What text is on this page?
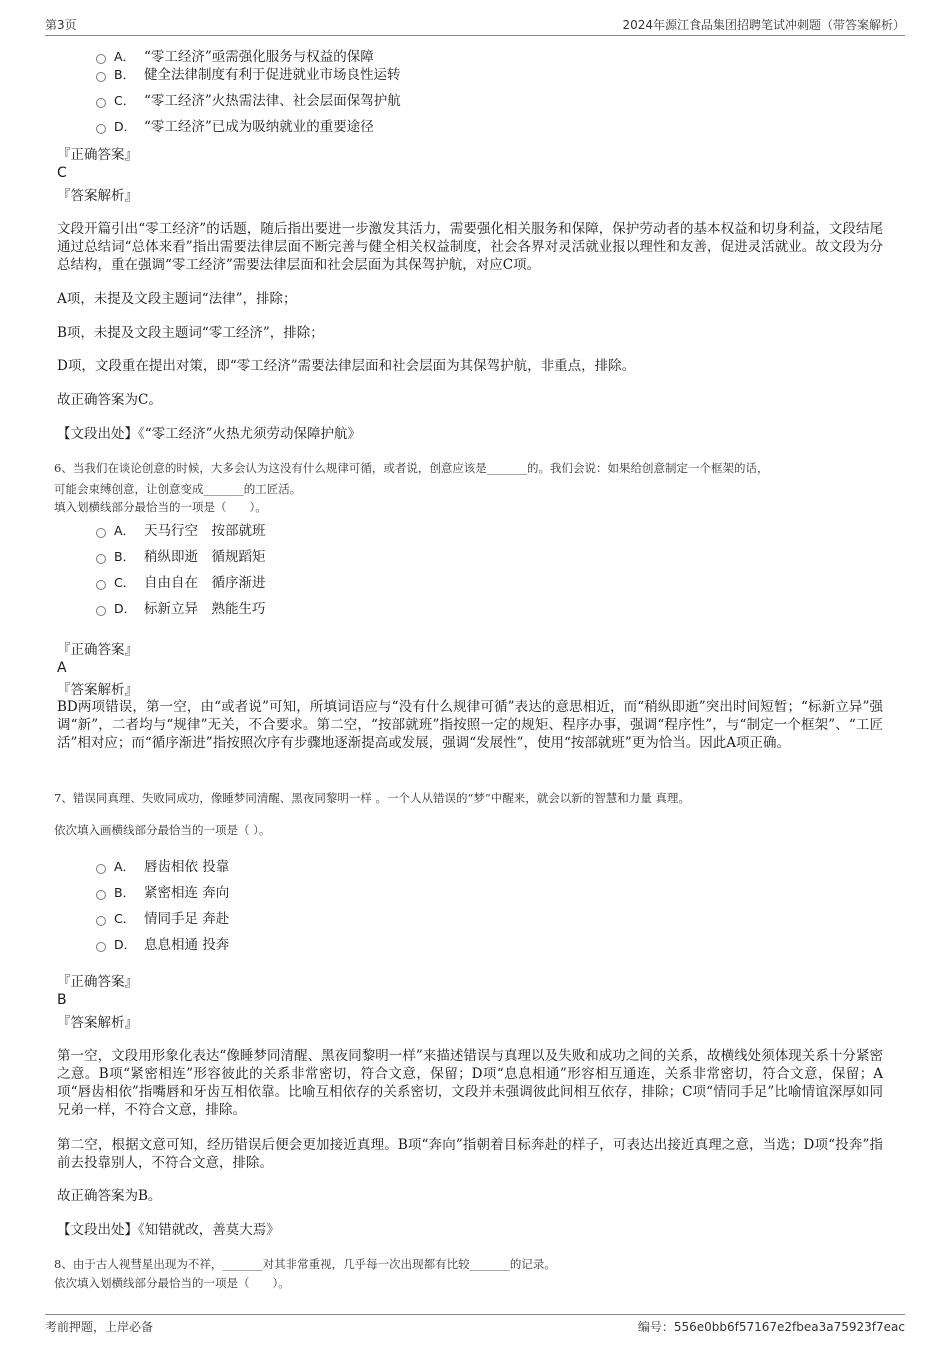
第3页	2024年源江食品集团招聘笔试冲刺题（带答案解析）
A． “零工经济”亟需强化服务与权益的保障
B． 健全法律制度有利于促进就业市场良性运转
C． “零工经济”火热需法律、社会层面保驾护航
D． “零工经济”已成为吸纳就业的重要途径
『正确答案』
C
『答案解析』
文段开篇引出“零工经济”的话题，随后指出要进一步激发其活力，需要强化相关服务和保障，保护劳动者的基本权益和切身利益，文段结尾通过总结词“总体来看”指出需要法律层面不断完善与健全相关权益制度，社会各界对灵活就业报以理性和友善，促进灵活就业。故文段为分总结构，重在强调“零工经济”需要法律层面和社会层面为其保驾护航，对应C项。
A项，未提及文段主题词“法律”，排除；
B项，未提及文段主题词“零工经济”，排除；
D项，文段重在提出对策，即“零工经济”需要法律层面和社会层面为其保驾护航，非重点，排除。
故正确答案为C。
【文段出处】《“零工经济”火热尤须劳动保障护航》
6、当我们在谈论创意的时候，大多会认为这没有什么规律可循，或者说，创意应该是_______的。我们会说：如果给创意制定一个框架的话，
可能会束缚创意，让创意变成_______的工匠活。
填入划横线部分最恰当的一项是（　　）。
A． 天马行空　按部就班
B． 稍纵即逝　循规蹈矩
C． 自由自在　循序渐进
D． 标新立异　熟能生巧
『正确答案』
A
『答案解析』
BD两项错误，第一空，由“或者说”可知，所填词语应与“没有什么规律可循”表达的意思相近，而“稍纵即逝”突出时间短暂；“标新立异”强调“新”，二者均与“规律”无关，不合要求。第二空，“按部就班”指按照一定的规矩、程序办事，强调“程序性”，与“制定一个框架”、“工匠活”相对应；而“循序渐进”指按照次序有步骤地逐渐提高或发展，强调“发展性”，使用“按部就班”更为恰当。因此A项正确。
7、错误同真理、失败同成功，像睡梦同清醒、黑夜同黎明一样 。一个人从错误的“梦”中醒来，就会以新的智慧和力量 真理。
依次填入画横线部分最恰当的一项是（ ）。
A． 唇齿相依 投靠
B． 紧密相连 奔向
C． 情同手足 奔赴
D． 息息相通 投奔
『正确答案』
B
『答案解析』
第一空，文段用形象化表达“像睡梦同清醒、黑夜同黎明一样”来描述错误与真理以及失败和成功之间的关系，故横线处须体现关系十分紧密之意。B项“紧密相连”形容彼此的关系非常密切，符合文意，保留；D项“息息相通”形容相互通连，关系非常密切，符合文意，保留；A项“唇齿相依”指嘴唇和牙齿互相依靠。比喻互相依存的关系密切，文段并未强调彼此间相互依存，排除；C项“情同手足”比喻情谊深厚如同兄弟一样，不符合文意，排除。
第二空，根据文意可知，经历错误后便会更加接近真理。B项“奔向”指朝着目标奔赴的样子，可表达出接近真理之意，当选；D项“投奔”指前去投靠别人，不符合文意，排除。
故正确答案为B。
【文段出处】《知错就改，善莫大焉》
8、由于古人视彗星出现为不祥，_______对其非常重视，几乎每一次出现都有比较_______的记录。
依次填入划横线部分最恰当的一项是（　　）。
考前押题，上岸必备	编号：556e0bb6f57167e2fbea3a75923f7eac
